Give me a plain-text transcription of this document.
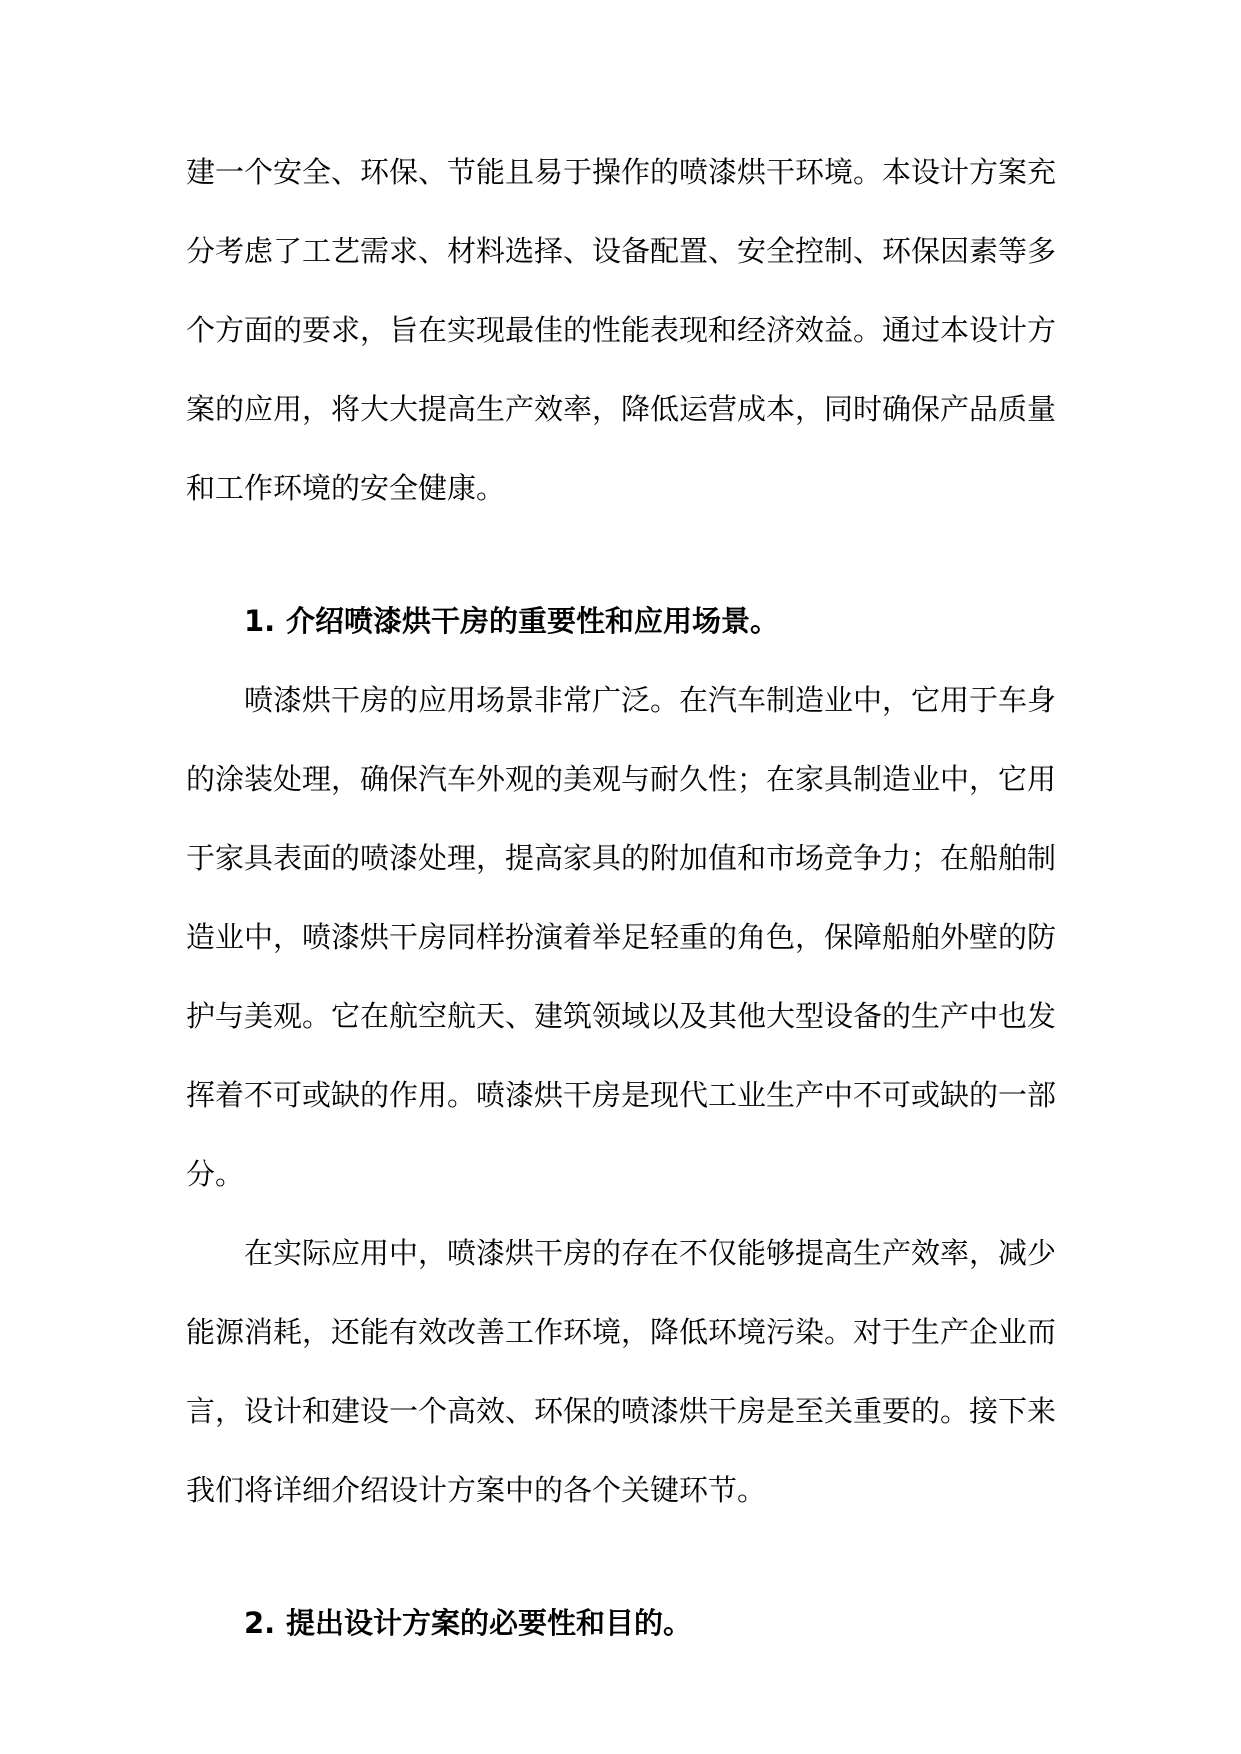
建一个安全、环保、节能且易于操作的喷漆烘干环境。本设计方案充
分考虑了工艺需求、材料选择、设备配置、安全控制、环保因素等多
个方面的要求，旨在实现最佳的性能表现和经济效益。通过本设计方
案的应用，将大大提高生产效率，降低运营成本，同时确保产品质量
和工作环境的安全健康。
1. 介绍喷漆烘干房的重要性和应用场景。
喷漆烘干房的应用场景非常广泛。在汽车制造业中，它用于车身
的涂装处理，确保汽车外观的美观与耐久性；在家具制造业中，它用
于家具表面的喷漆处理，提高家具的附加值和市场竞争力；在船舶制
造业中，喷漆烘干房同样扮演着举足轻重的角色，保障船舶外壁的防
护与美观。它在航空航天、建筑领域以及其他大型设备的生产中也发
挥着不可或缺的作用。喷漆烘干房是现代工业生产中不可或缺的一部
分。
在实际应用中，喷漆烘干房的存在不仅能够提高生产效率，减少
能源消耗，还能有效改善工作环境，降低环境污染。对于生产企业而
言，设计和建设一个高效、环保的喷漆烘干房是至关重要的。接下来
我们将详细介绍设计方案中的各个关键环节。
2. 提出设计方案的必要性和目的。
